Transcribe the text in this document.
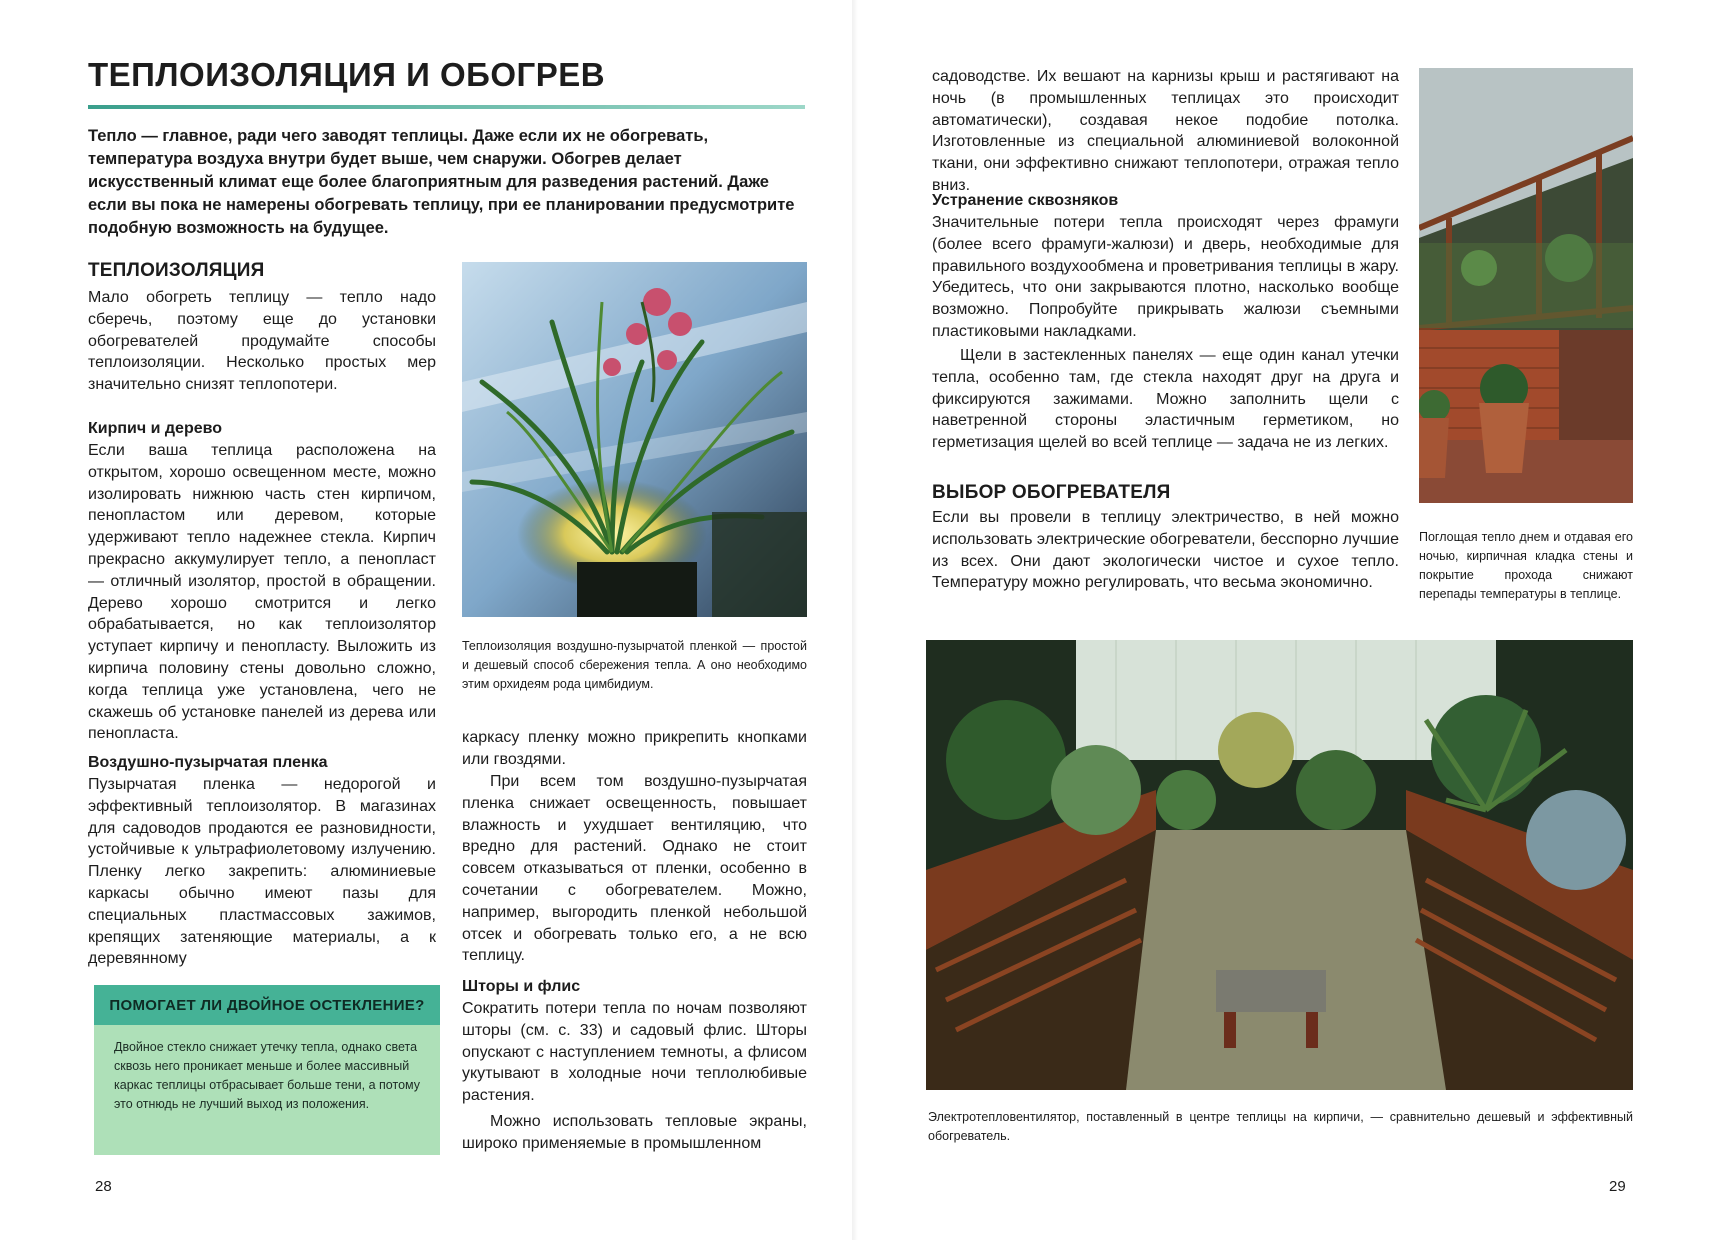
ТЕПЛОИЗОЛЯЦИЯ И ОБОГРЕВ

Тепло — главное, ради чего заводят теплицы. Даже если их не обогревать, температура воздуха внутри будет выше, чем снаружи. Обогрев делает искусственный климат еще более благоприятным для разведения растений. Даже если вы пока не намерены обогревать теплицу, при ее планировании предусмотрите подобную возможность на будущее.

ТЕПЛОИЗОЛЯЦИЯ

Мало обогреть теплицу — тепло надо сберечь, поэтому еще до установки обогревателей продумайте способы теплоизоляции. Несколько простых мер значительно снизят теплопотери.

Кирпич и дерево

Если ваша теплица расположена на открытом, хорошо освещенном месте, можно изолировать нижнюю часть стен кирпичом, пенопластом или деревом, которые удерживают тепло надежнее стекла. Кирпич прекрасно аккумулирует тепло, а пенопласт — отличный изолятор, простой в обращении. Дерево хорошо смотрится и легко обрабатывается, но как теплоизолятор уступает кирпичу и пенопласту. Выложить из кирпича половину стены довольно сложно, когда теплица уже установлена, чего не скажешь об установке панелей из дерева или пенопласта.

Воздушно-пузырчатая пленка

Пузырчатая пленка — недорогой и эффективный теплоизолятор. В магазинах для садоводов продаются ее разновидности, устойчивые к ультрафиолетовому излучению. Пленку легко закрепить: алюминиевые каркасы обычно имеют пазы для специальных пластмассовых зажимов, крепящих затеняющие материалы, а к деревянному

ПОМОГАЕТ ЛИ ДВОЙНОЕ ОСТЕКЛЕНИЕ?

Двойное стекло снижает утечку тепла, однако света сквозь него проникает меньше и более массивный каркас теплицы отбрасывает больше тени, а потому это отнюдь не лучший выход из положения.

Теплоизоляция воздушно-пузырчатой пленкой — простой и дешевый способ сбережения тепла. А оно необходимо этим орхидеям рода цимбидиум.

каркасу пленку можно прикрепить кнопками или гвоздями.

При всем том воздушно-пузырчатая пленка снижает освещенность, повышает влажность и ухудшает вентиляцию, что вредно для растений. Однако не стоит совсем отказываться от пленки, особенно в сочетании с обогревателем. Можно, например, выгородить пленкой небольшой отсек и обогревать только его, а не всю теплицу.

Шторы и флис

Сократить потери тепла по ночам позволяют шторы (см. с. 33) и садовый флис. Шторы опускают с наступлением темноты, а флисом укутывают в холодные ночи теплолюбивые растения.

Можно использовать тепловые экраны, широко применяемые в промышленном

28

садоводстве. Их вешают на карнизы крыш и растягивают на ночь (в промышленных теплицах это происходит автоматически), создавая некое подобие потолка. Изготовленные из специальной алюминиевой волоконной ткани, они эффективно снижают теплопотери, отражая тепло вниз.

Устранение сквозняков

Значительные потери тепла происходят через фрамуги (более всего фрамуги-жалюзи) и дверь, необходимые для правильного воздухообмена и проветривания теплицы в жару. Убедитесь, что они закрываются плотно, насколько вообще возможно. Попробуйте прикрывать жалюзи съемными пластиковыми накладками.

Щели в застекленных панелях — еще один канал утечки тепла, особенно там, где стекла находят друг на друга и фиксируются зажимами. Можно заполнить щели с наветренной стороны эластичным герметиком, но герметизация щелей во всей теплице — задача не из легких.

ВЫБОР ОБОГРЕВАТЕЛЯ

Если вы провели в теплицу электричество, в ней можно использовать электрические обогреватели, бесспорно лучшие из всех. Они дают экологически чистое и сухое тепло. Температуру можно регулировать, что весьма экономично.

Поглощая тепло днем и отдавая его ночью, кирпичная кладка стены и покрытие прохода снижают перепады температуры в теплице.

Электротепловентилятор, поставленный в центре теплицы на кирпичи, — сравнительно дешевый и эффективный обогреватель.

29
